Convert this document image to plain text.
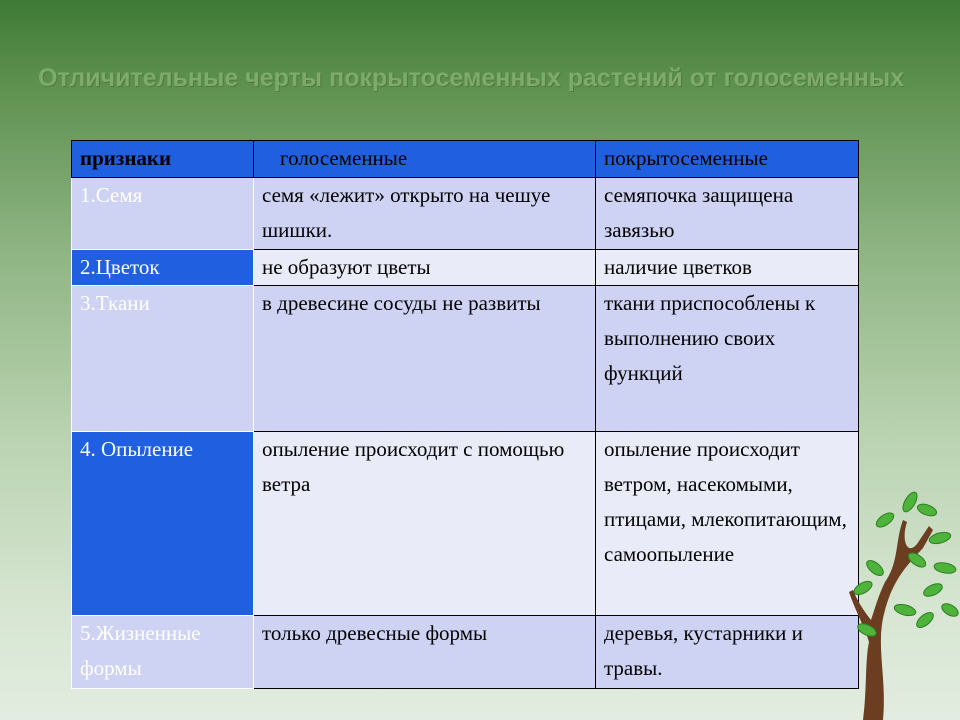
Отличительные черты покрытосеменных растений от голосеменных
признаки	голосеменные	покрытосеменные
1.Семя	семя «лежит» открыто на чешуе шишки.	семяпочка защищена завязью
2.Цветок	не образуют цветы	наличие цветков
3.Ткани	в древесине сосуды не развиты	ткани приспособлены к выполнению своих функций
4. Опыление	опыление происходит с помощью ветра	опыление происходит ветром, насекомыми, птицами, млекопитающим, самоопыление
5.Жизненные формы	только древесные формы	деревья, кустарники и травы.
